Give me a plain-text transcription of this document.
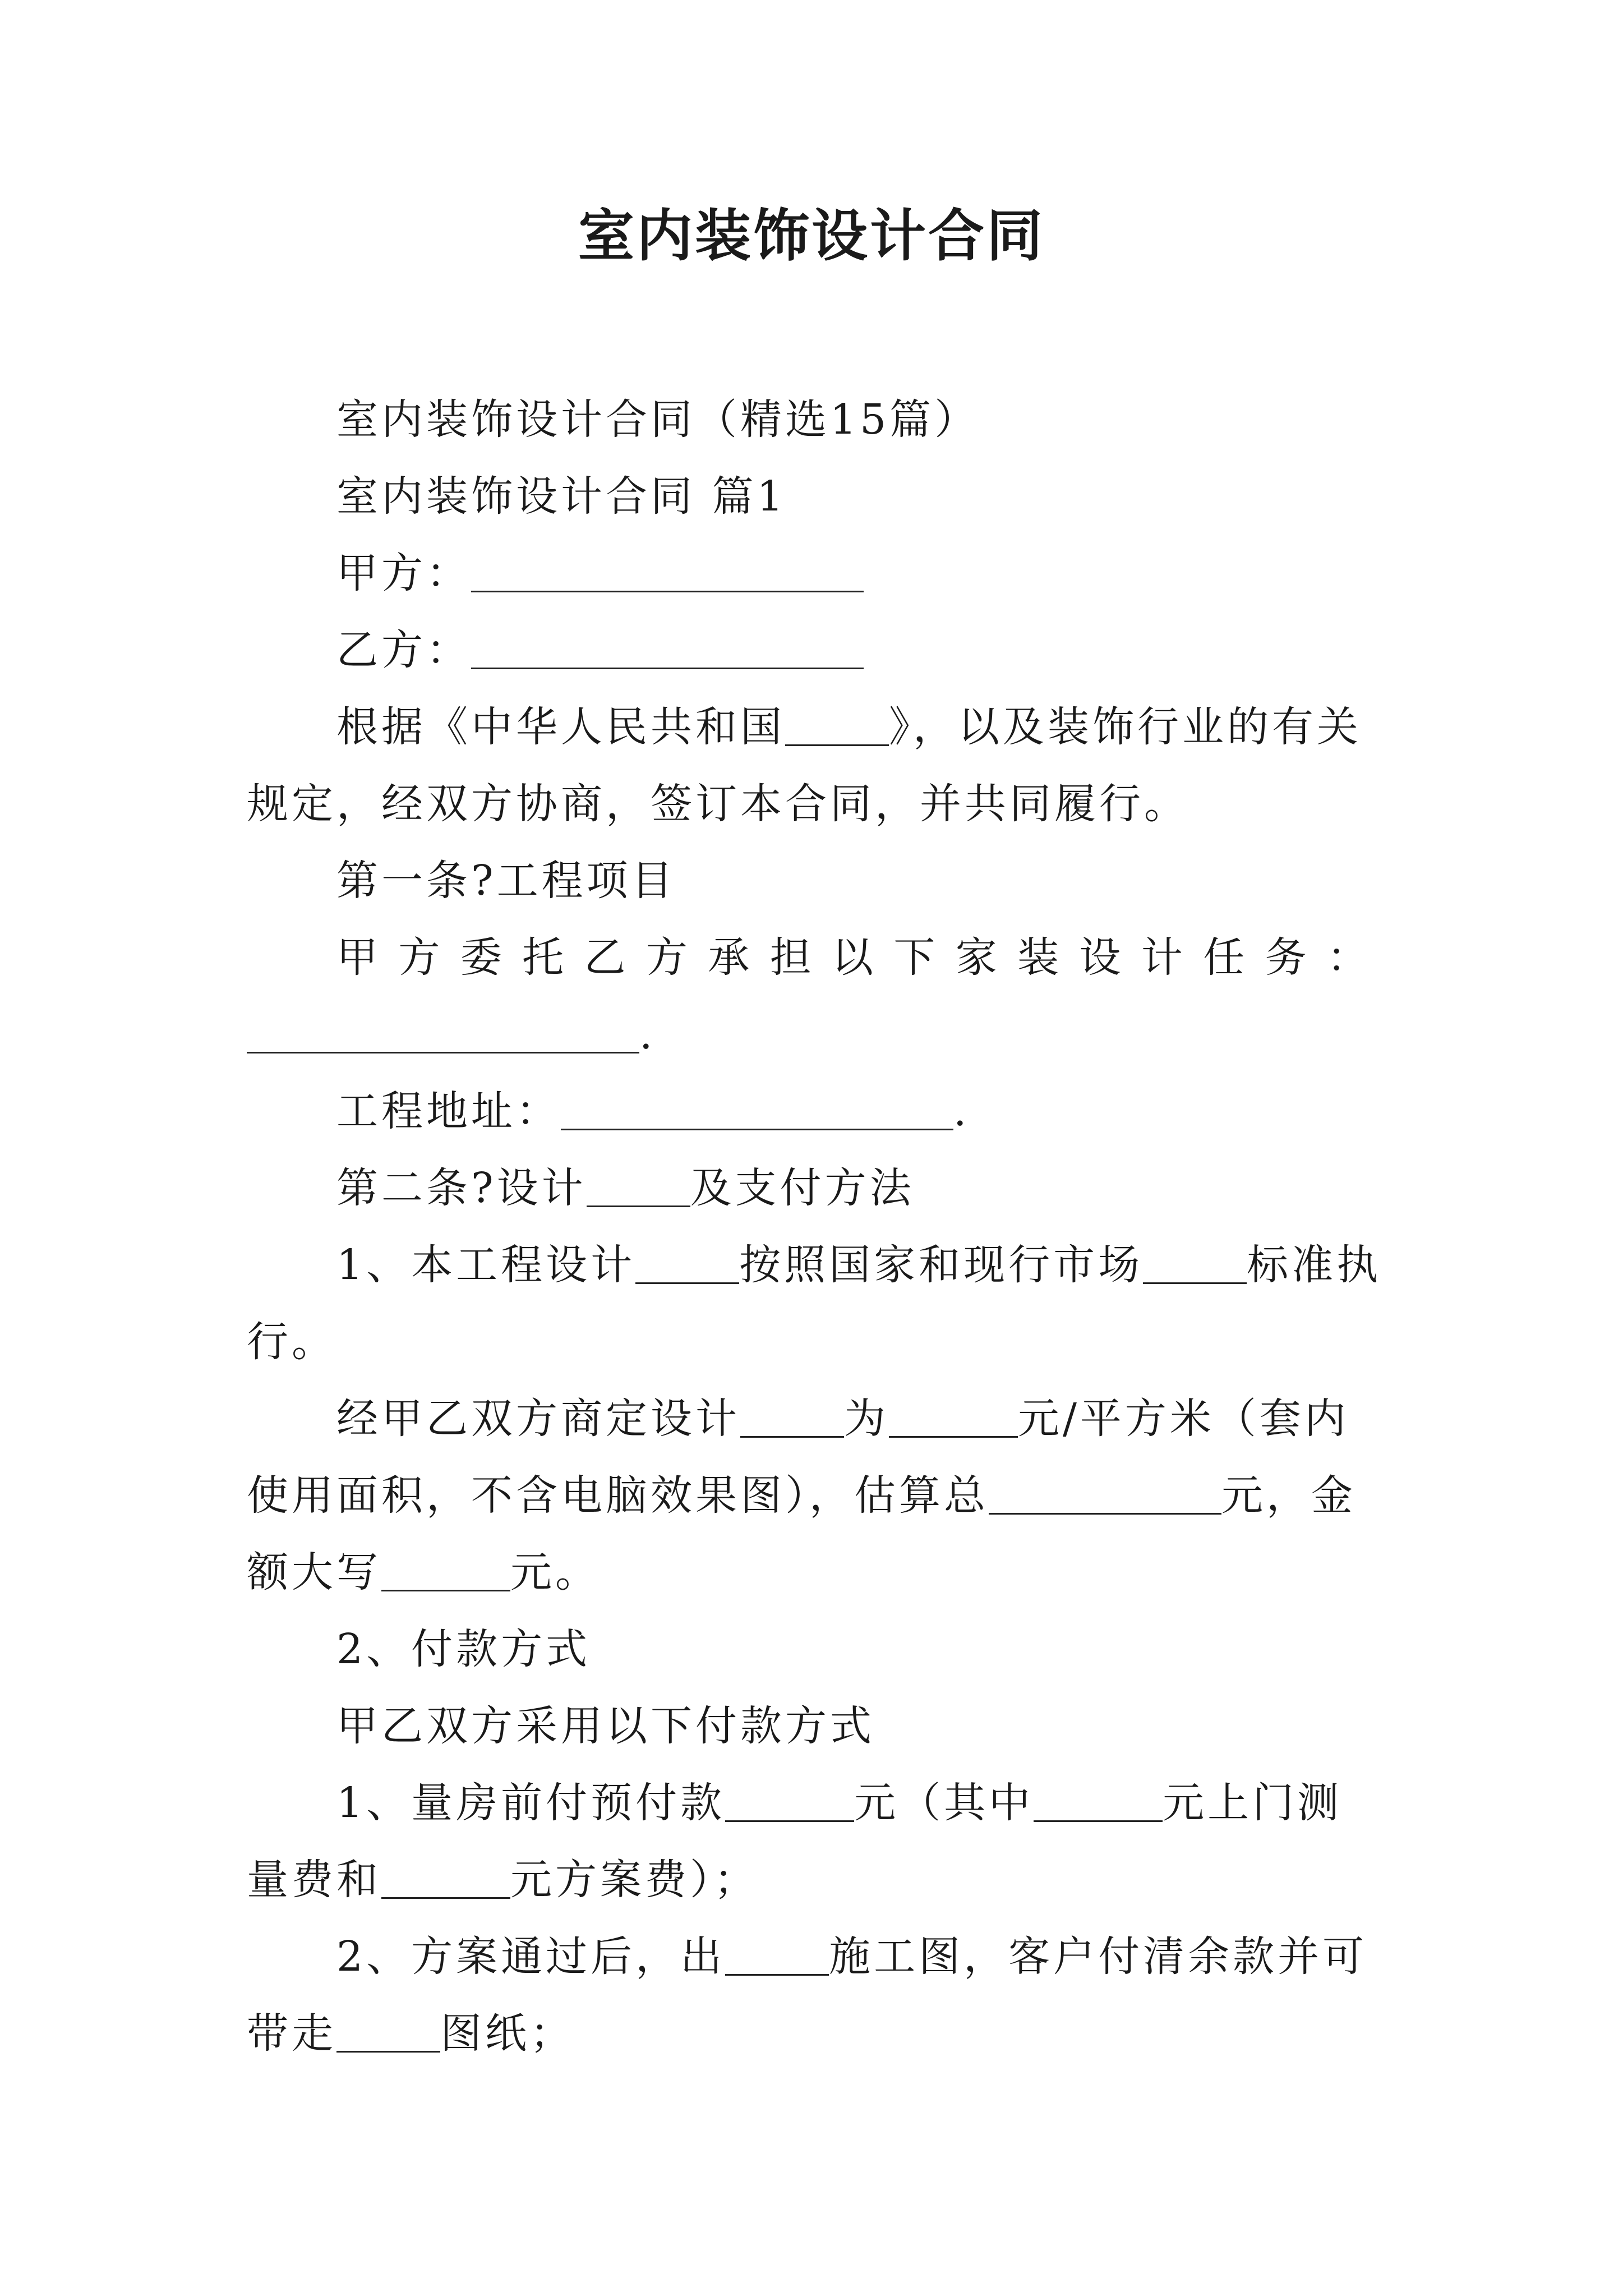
室内装饰设计合同

室内装饰设计合同（精选15篇）

室内装饰设计合同 篇1

甲方：

乙方：

根据《中华人民共和国	》，以及装饰行业的有关规定，经双方协商，签订本合同，并共同履行。

第一条?工程项目

甲方委托乙方承担以下家装设计任务：

.

工程地址：	.

第二条?设计	及支付方法

1、本工程设计	按照国家和现行市场	标准执行。

经甲乙双方商定设计	为	元/平方米（套内使用面积，不含电脑效果图），估算总	元，金额大写	元。

2、付款方式

甲乙双方采用以下付款方式

1、量房前付预付款	元（其中	元上门测量费和	元方案费）；

2、方案通过后，出	施工图，客户付清余款并可带走	图纸；
